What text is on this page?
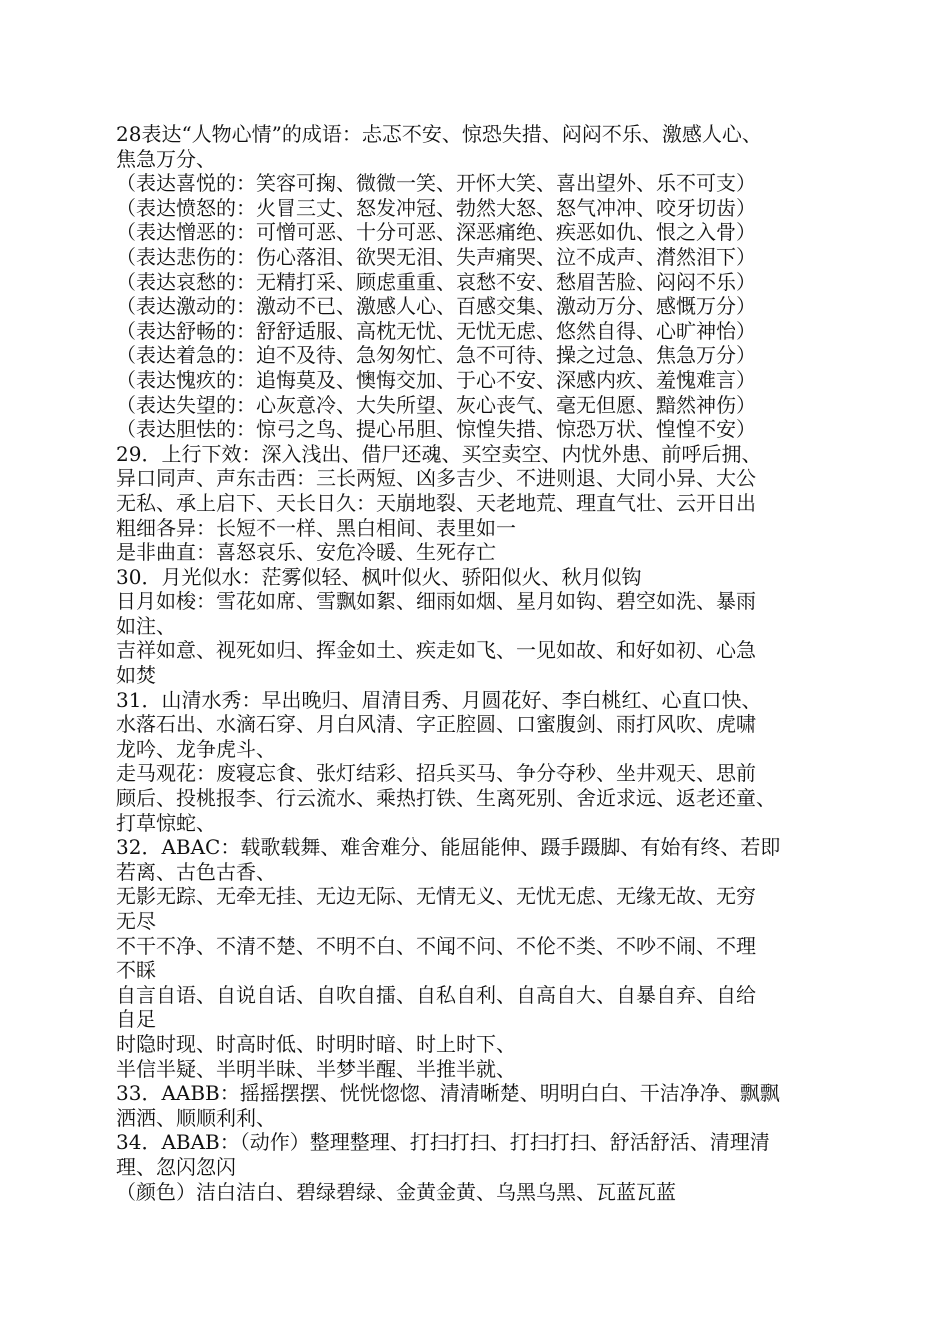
28表达“人物心情”的成语：忐忑不安、惊恐失措、闷闷不乐、激感人心、
焦急万分、
（表达喜悦的：笑容可掬、微微一笑、开怀大笑、喜出望外、乐不可支）
（表达愤怒的：火冒三丈、怒发冲冠、勃然大怒、怒气冲冲、咬牙切齿）
（表达憎恶的：可憎可恶、十分可恶、深恶痛绝、疾恶如仇、恨之入骨）
（表达悲伤的：伤心落泪、欲哭无泪、失声痛哭、泣不成声、潸然泪下）
（表达哀愁的：无精打采、顾虑重重、哀愁不安、愁眉苦脸、闷闷不乐）
（表达激动的：激动不已、激感人心、百感交集、激动万分、感慨万分）
（表达舒畅的：舒舒适服、高枕无忧、无忧无虑、悠然自得、心旷神怡）
（表达着急的：迫不及待、急匆匆忙、急不可待、操之过急、焦急万分）
（表达愧疚的：追悔莫及、懊悔交加、于心不安、深感内疚、羞愧难言）
（表达失望的：心灰意冷、大失所望、灰心丧气、毫无但愿、黯然神伤）
（表达胆怯的：惊弓之鸟、提心吊胆、惊惶失措、惊恐万状、惶惶不安）
29．上行下效：深入浅出、借尸还魂、买空卖空、内忧外患、前呼后拥、
异口同声、声东击西：三长两短、凶多吉少、不进则退、大同小异、大公
无私、承上启下、天长日久：天崩地裂、天老地荒、理直气壮、云开日出
粗细各异：长短不一样、黑白相间、表里如一
是非曲直：喜怒哀乐、安危冷暖、生死存亡
30．月光似水：茫雾似轻、枫叶似火、骄阳似火、秋月似钩
日月如梭：雪花如席、雪飘如絮、细雨如烟、星月如钩、碧空如洗、暴雨
如注、
吉祥如意、视死如归、挥金如土、疾走如飞、一见如故、和好如初、心急
如焚
31．山清水秀：早出晚归、眉清目秀、月圆花好、李白桃红、心直口快、
水落石出、水滴石穿、月白风清、字正腔圆、口蜜腹剑、雨打风吹、虎啸
龙吟、龙争虎斗、
走马观花：废寝忘食、张灯结彩、招兵买马、争分夺秒、坐井观天、思前
顾后、投桃报李、行云流水、乘热打铁、生离死别、舍近求远、返老还童、
打草惊蛇、
32．ABAC：载歌载舞、难舍难分、能屈能伸、蹑手蹑脚、有始有终、若即
若离、古色古香、
无影无踪、无牵无挂、无边无际、无情无义、无忧无虑、无缘无故、无穷
无尽
不干不净、不清不楚、不明不白、不闻不问、不伦不类、不吵不闹、不理
不睬
自言自语、自说自话、自吹自擂、自私自利、自高自大、自暴自弃、自给
自足
时隐时现、时高时低、时明时暗、时上时下、
半信半疑、半明半昧、半梦半醒、半推半就、
33．AABB：摇摇摆摆、恍恍惚惚、清清晰楚、明明白白、干洁净净、飘飘
洒洒、顺顺利利、
34．ABAB：（动作）整理整理、打扫打扫、打扫打扫、舒活舒活、清理清
理、忽闪忽闪
（颜色）洁白洁白、碧绿碧绿、金黄金黄、乌黑乌黑、瓦蓝瓦蓝
